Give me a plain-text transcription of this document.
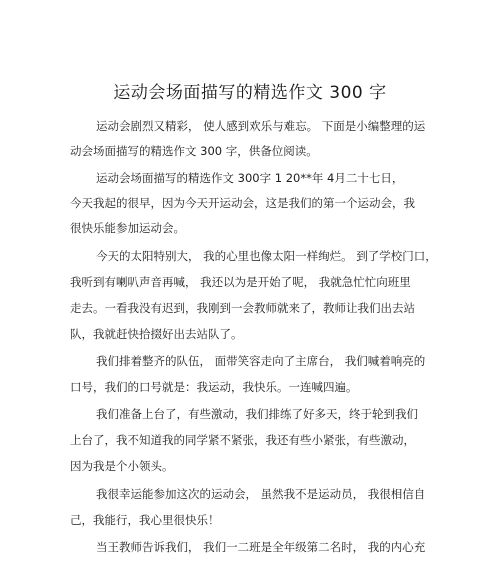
运动会场面描写的精选作文 300 字
运动会剧烈又精彩， 使人感到欢乐与难忘。 下面是小编整理的运
动会场面描写的精选作文 300 字，供备位阅读。
运动会场面描写的精选作文 300字 1 20**年 4月二十七日，
今天我起的很早，因为今天开运动会，这是我们的第一个运动会，我
很快乐能参加运动会。
今天的太阳特别大， 我的心里也像太阳一样绚烂。 到了学校门口，
我听到有喇叭声音再喊， 我还以为是开始了呢， 我就急忙忙向班里
走去。一看我没有迟到，我刚到一会教师就来了，教师让我们出去站
队，我就赶快拾掇好出去站队了。
我们排着整齐的队伍， 面带笑容走向了主席台， 我们喊着响亮的
口号，我们的口号就是：我运动，我快乐。一连喊四遍。
我们准备上台了，有些激动，我们排练了好多天，终于轮到我们
上台了，我不知道我的同学紧不紧张，我还有些小紧张，有些激动，
因为我是个小领头。
我很幸运能参加这次的运动会， 虽然我不是运动员， 我很相信自
己，我能行，我心里很快乐！
当王教师告诉我们， 我们一二班是全年级第二名时， 我的内心充
